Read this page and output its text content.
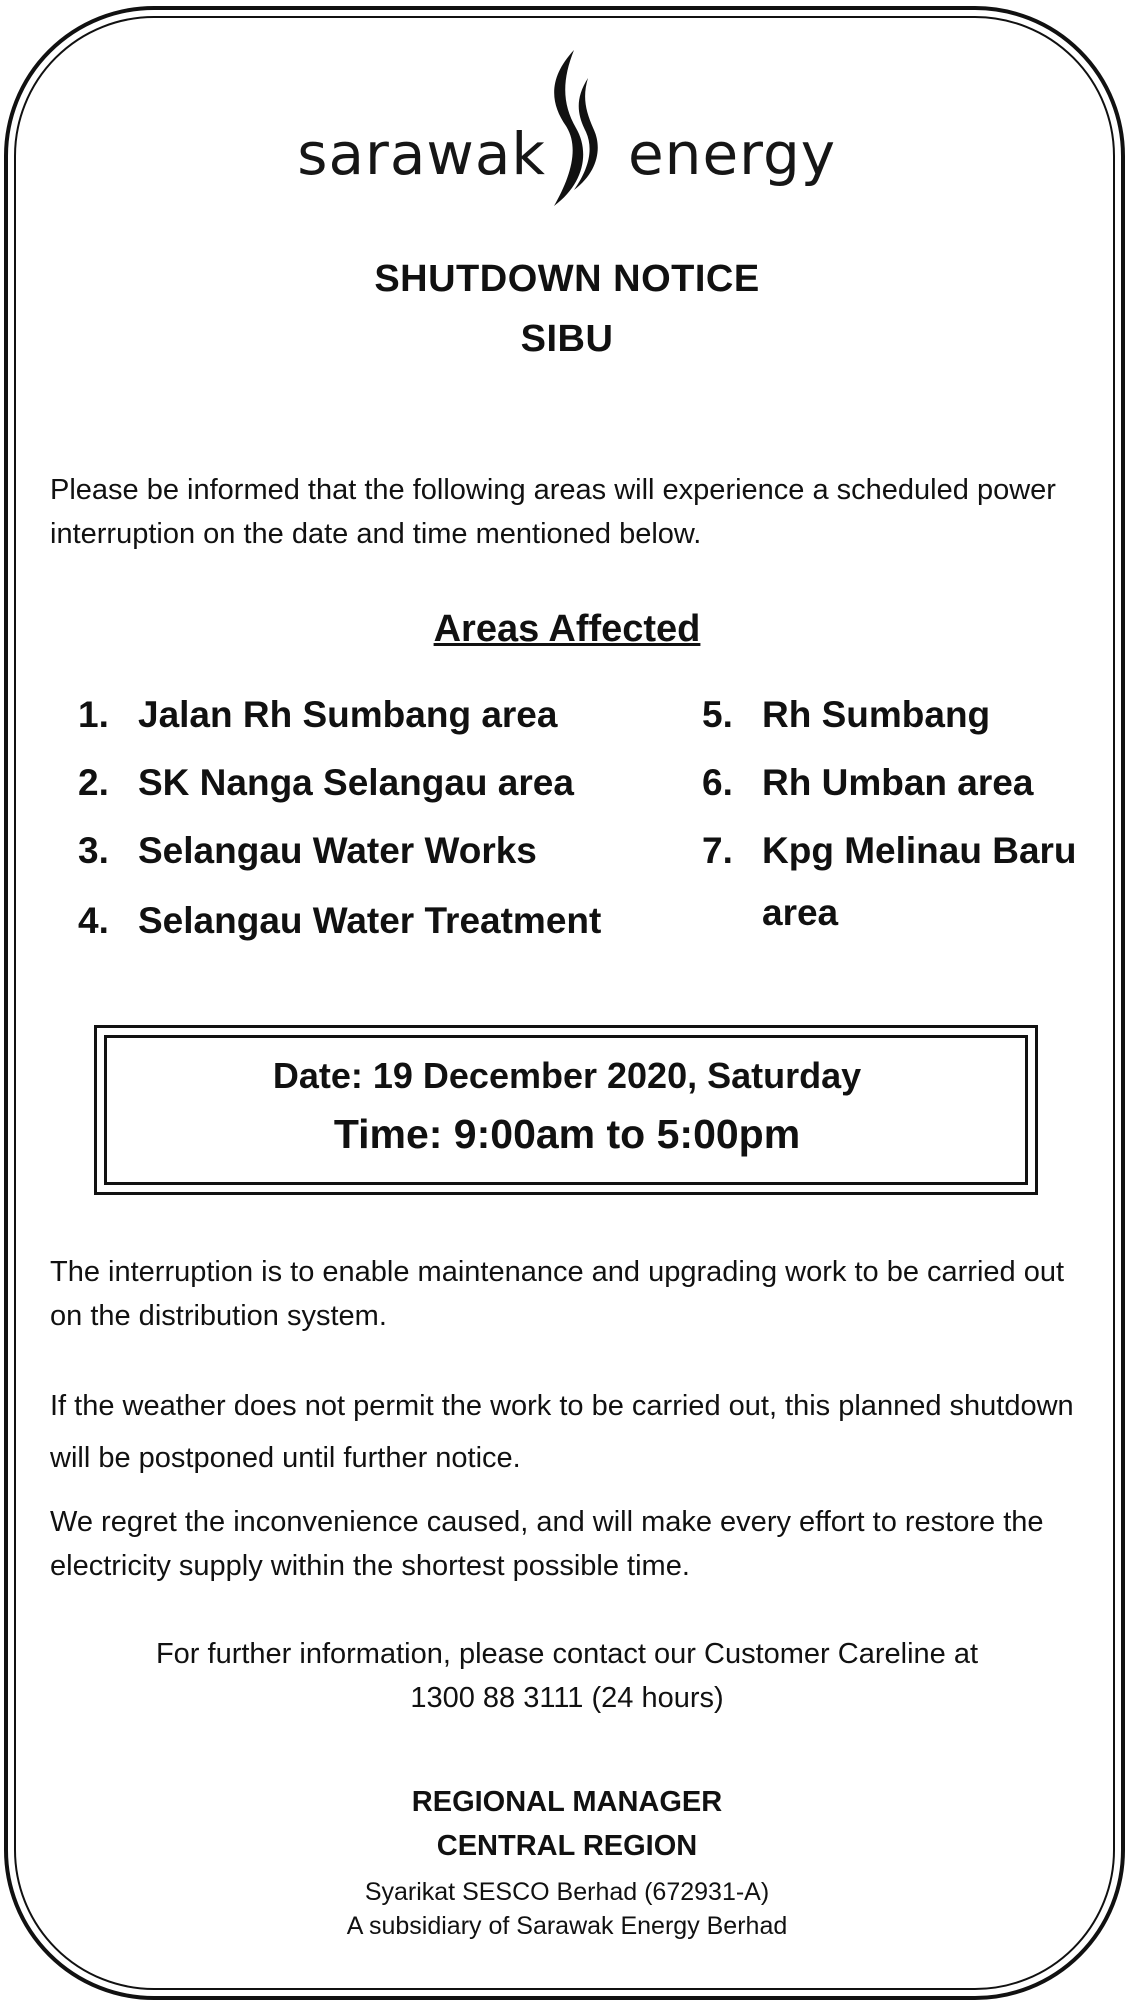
sarawak energy
SHUTDOWN NOTICE
SIBU
Please be informed that the following areas will experience a scheduled power interruption on the date and time mentioned below.
Areas Affected
1. Jalan Rh Sumbang area
2. SK Nanga Selangau area
3. Selangau Water Works
4. Selangau Water Treatment
5. Rh Sumbang
6. Rh Umban area
7. Kpg Melinau Baru
area
Date: 19 December 2020, Saturday
Time: 9:00am to 5:00pm
The interruption is to enable maintenance and upgrading work to be carried out on the distribution system.
If the weather does not permit the work to be carried out, this planned shutdown will be postponed until further notice.
We regret the inconvenience caused, and will make every effort to restore the electricity supply within the shortest possible time.
For further information, please contact our Customer Careline at
1300 88 3111 (24 hours)
REGIONAL MANAGER
CENTRAL REGION
Syarikat SESCO Berhad (672931-A)
A subsidiary of Sarawak Energy Berhad
